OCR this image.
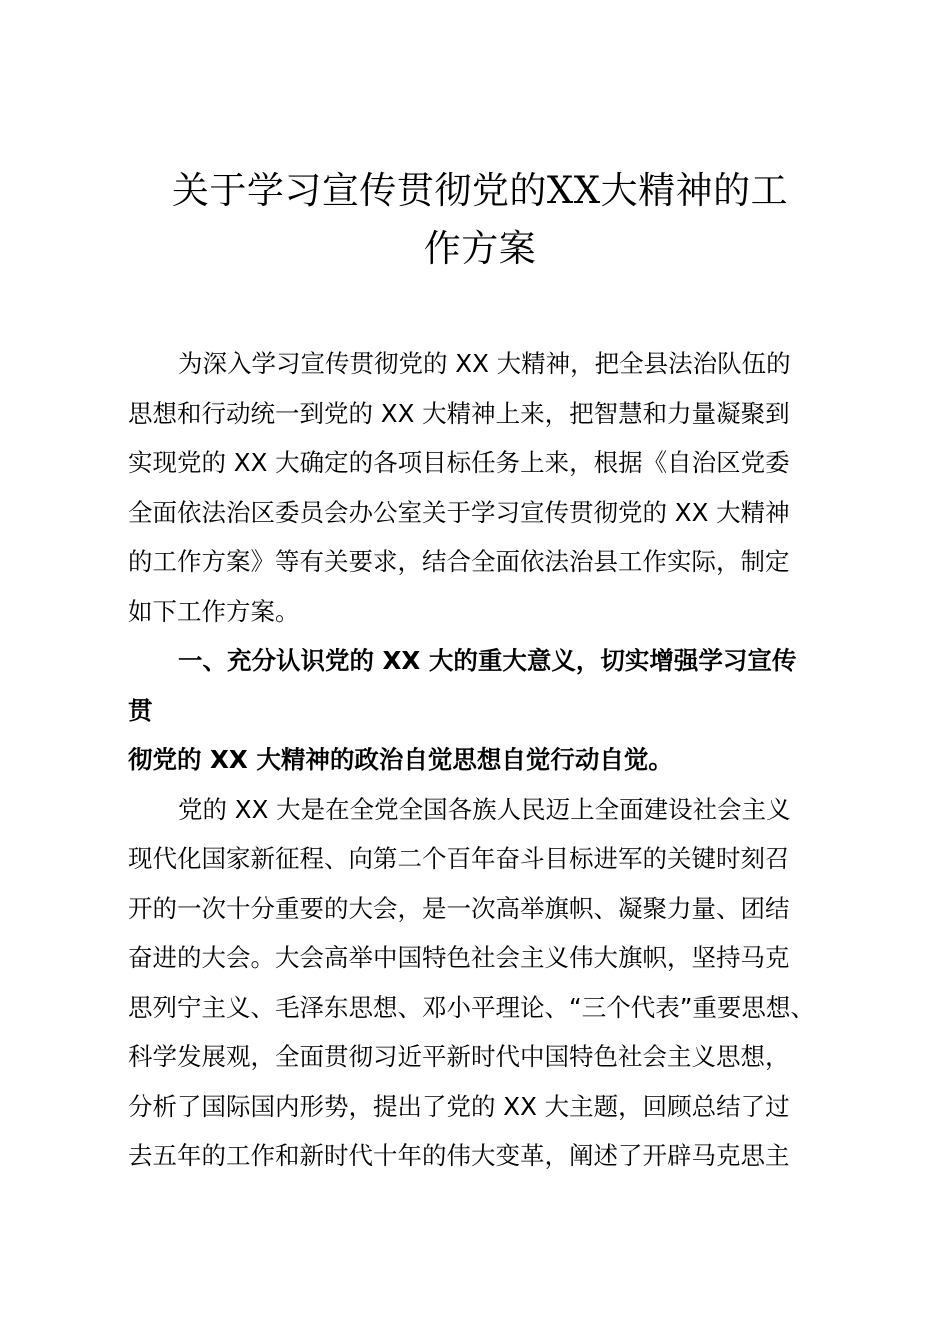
关于学习宣传贯彻党的XX大精神的工
作方案
为深入学习宣传贯彻党的 XX 大精神，把全县法治队伍的
思想和行动统一到党的 XX 大精神上来，把智慧和力量凝聚到
实现党的 XX 大确定的各项目标任务上来，根据《自治区党委
全面依法治区委员会办公室关于学习宣传贯彻党的 XX 大精神
的工作方案》等有关要求，结合全面依法治县工作实际，制定
如下工作方案。
一、充分认识党的 XX 大的重大意义，切实增强学习宣传
贯
彻党的 XX 大精神的政治自觉思想自觉行动自觉。
党的 XX 大是在全党全国各族人民迈上全面建设社会主义
现代化国家新征程、向第二个百年奋斗目标进军的关键时刻召
开的一次十分重要的大会，是一次高举旗帜、凝聚力量、团结
奋进的大会。大会高举中国特色社会主义伟大旗帜，坚持马克
思列宁主义、毛泽东思想、邓小平理论、“三个代表”重要思想、
科学发展观，全面贯彻习近平新时代中国特色社会主义思想，
分析了国际国内形势，提出了党的 XX 大主题，回顾总结了过
去五年的工作和新时代十年的伟大变革，阐述了开辟马克思主
